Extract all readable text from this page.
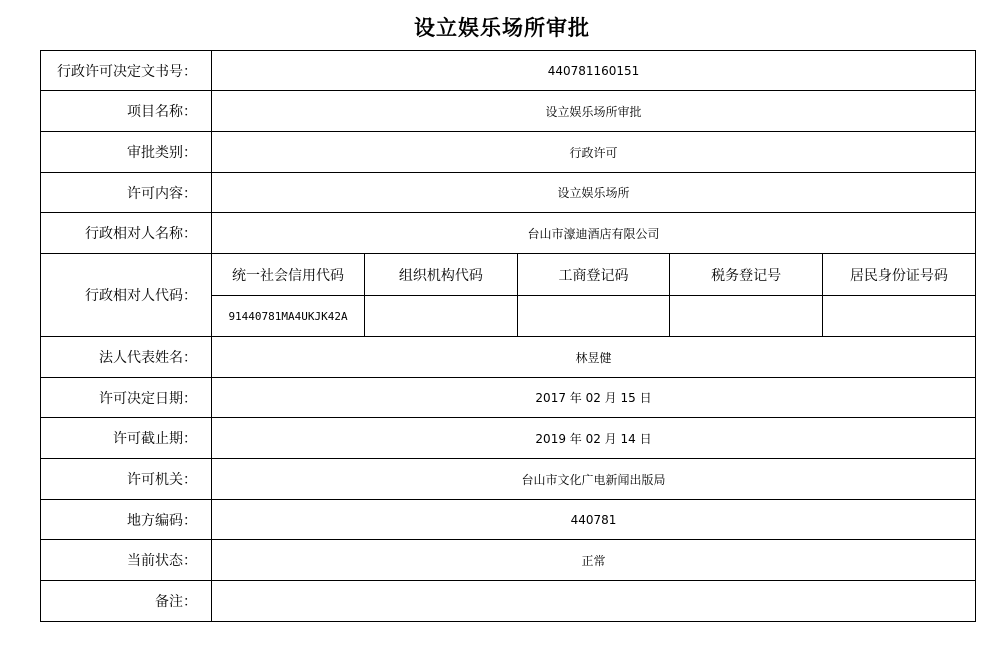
设立娱乐场所审批
行政许可决定文书号：	440781160151
项目名称：	设立娱乐场所审批
审批类别：	行政许可
许可内容：	设立娱乐场所
行政相对人名称：	台山市濠迪酒店有限公司
行政相对人代码：	
统一社会信用代码	组织机构代码	工商登记码	税务登记号	居民身份证号码
91440781MA4UKJK42A				

法人代表姓名：	林昱健
许可决定日期：	2017 年 02 月 15 日
许可截止期：	2019 年 02 月 14 日
许可机关：	台山市文化广电新闻出版局
地方编码：	440781
当前状态：	正常
备注：	
